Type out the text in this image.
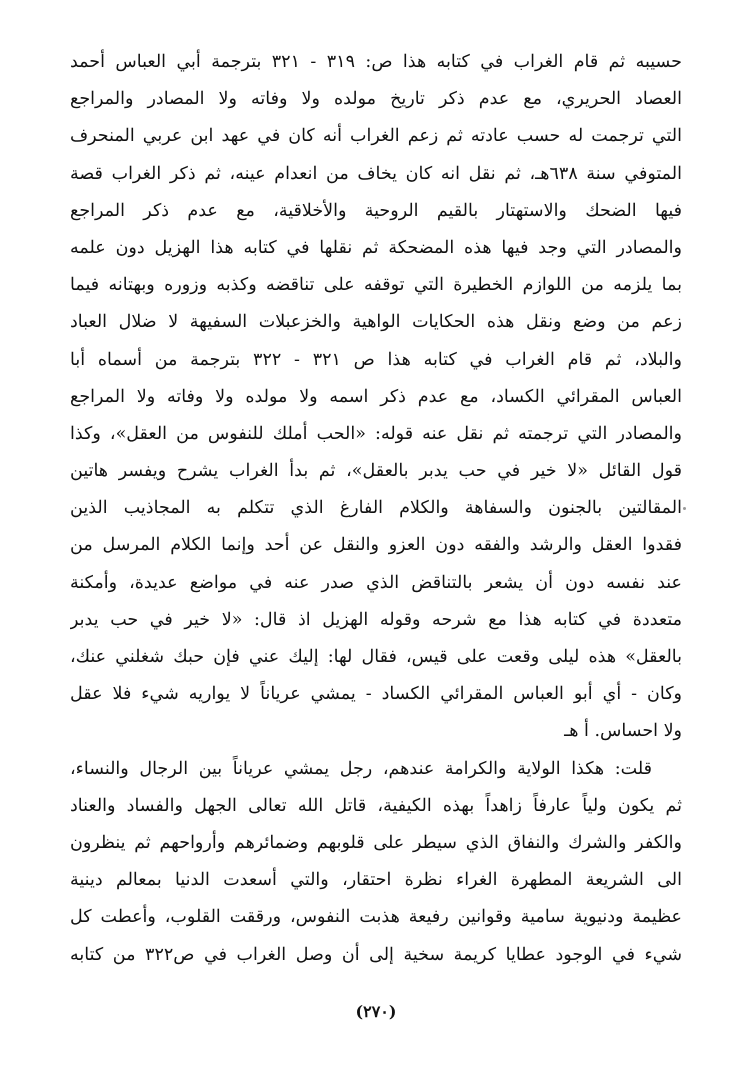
حسيبه ثم قام الغراب في كتابه هذا ص: ٣١٩ - ٣٢١ بترجمة أبي العباس أحمد
العصاد الحريري، مع عدم ذكر تاريخ مولده ولا وفاته ولا المصادر والمراجع
التي ترجمت له حسب عادته ثم زعم الغراب أنه كان في عهد ابن عربي المنحرف
المتوفي سنة ٦٣٨هـ، ثم نقل انه كان يخاف من انعدام عينه، ثم ذكر الغراب قصة
فيها الضحك والاستهتار بالقيم الروحية والأخلاقية، مع عدم ذكر المراجع
والمصادر التي وجد فيها هذه المضحكة ثم نقلها في كتابه هذا الهزيل دون علمه
بما يلزمه من اللوازم الخطيرة التي توقفه على تناقضه وكذبه وزوره وبهتانه فيما
زعم من وضع ونقل هذه الحكايات الواهية والخزعبلات السفيهة لا ضلال العباد
والبلاد، ثم قام الغراب في كتابه هذا ص ٣٢١ - ٣٢٢ بترجمة من أسماه أبا
العباس المقرائي الكساد، مع عدم ذكر اسمه ولا مولده ولا وفاته ولا المراجع
والمصادر التي ترجمته ثم نقل عنه قوله: «الحب أملك للنفوس من العقل»، وكذا
قول القائل «لا خير في حب يدبر بالعقل»، ثم بدأ الغراب يشرح ويفسر هاتين
المقالتين بالجنون والسفاهة والكلام الفارغ الذي تتكلم به المجاذيب الذين
فقدوا العقل والرشد والفقه دون العزو والنقل عن أحد وإنما الكلام المرسل من
عند نفسه دون أن يشعر بالتناقض الذي صدر عنه في مواضع عديدة، وأمكنة
متعددة في كتابه هذا مع شرحه وقوله الهزيل اذ قال: «لا خير في حب يدبر
بالعقل» هذه ليلى وقعت على قيس، فقال لها: إليك عني فإن حبك شغلني عنك،
وكان - أي أبو العباس المقرائي الكساد - يمشي عرياناً لا يواريه شيء فلا عقل
ولا احساس. أ هـ
قلت: هكذا الولاية والكرامة عندهم، رجل يمشي عرياناً بين الرجال والنساء،
ثم يكون ولياً عارفاً زاهداً بهذه الكيفية، قاتل الله تعالى الجهل والفساد والعناد
والكفر والشرك والنفاق الذي سيطر على قلوبهم وضمائرهم وأرواحهم ثم ينظرون
الى الشريعة المطهرة الغراء نظرة احتقار، والتي أسعدت الدنيا بمعالم دينية
عظيمة ودنيوية سامية وقوانين رفيعة هذبت النفوس، ورققت القلوب، وأعطت كل
شيء في الوجود عطايا كريمة سخية إلى أن وصل الغراب في ص٣٢٢ من كتابه
(٢٧٠)
